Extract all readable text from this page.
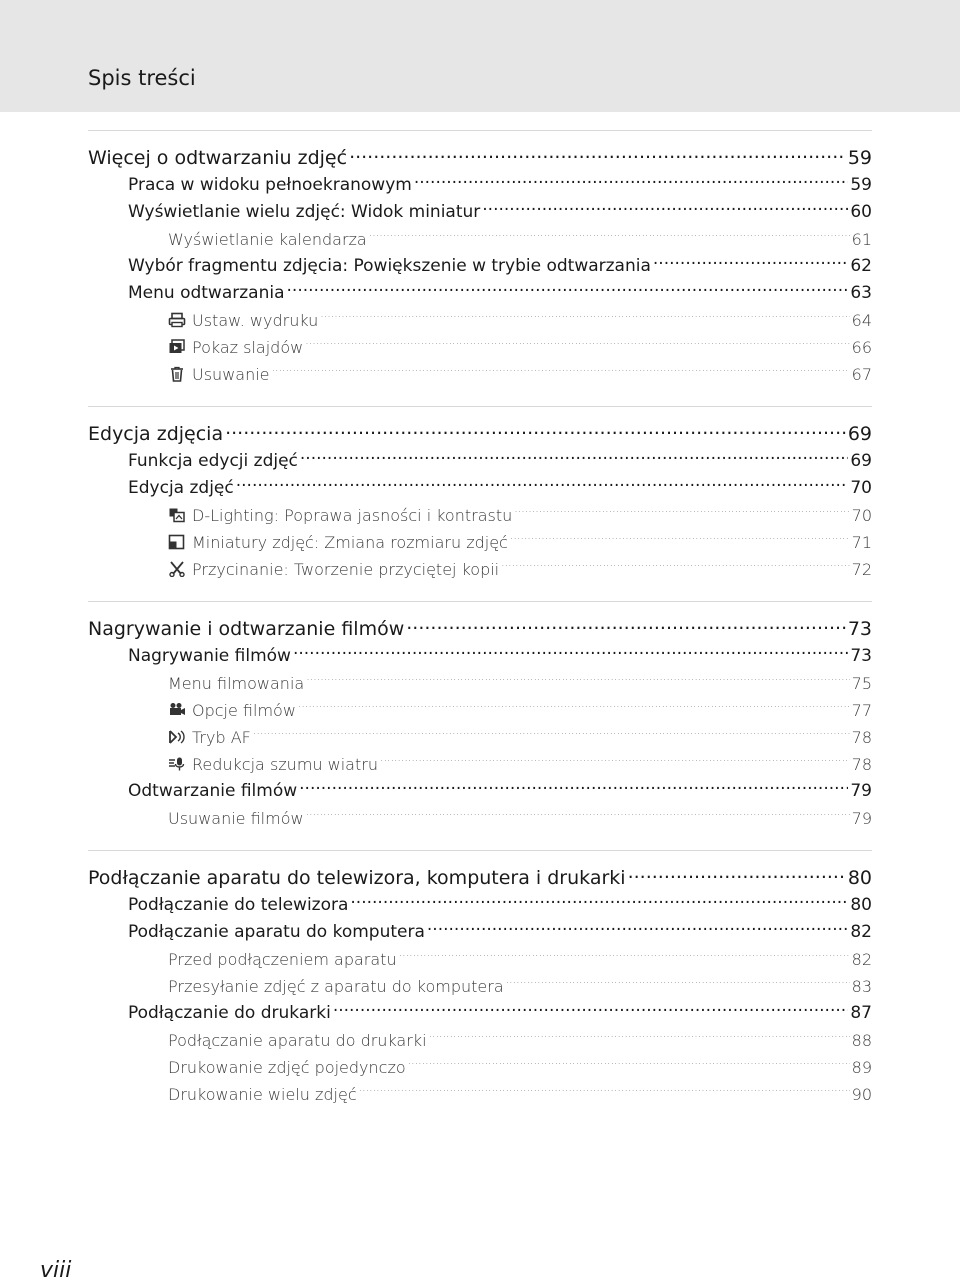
Spis treści
Więcej o odtwarzaniu zdjęć .....	59
Praca w widoku pełnoekranowym .....	59
Wyświetlanie wielu zdjęć: Widok miniatur .....	60
Wyświetlanie kalendarza .....	61
Wybór fragmentu zdjęcia: Powiększenie w trybie odtwarzania .....	62
Menu odtwarzania .....	63
Ustaw. wydruku .....	64
Pokaz slajdów .....	66
Usuwanie .....	67
Edycja zdjęcia .....	69
Funkcja edycji zdjęć .....	69
Edycja zdjęć .....	70
D-Lighting: Poprawa jasności i kontrastu .....	70
Miniatury zdjęć: Zmiana rozmiaru zdjęć .....	71
Przycinanie: Tworzenie przyciętej kopii .....	72
Nagrywanie i odtwarzanie filmów .....	73
Nagrywanie filmów .....	73
Menu filmowania .....	75
Opcje filmów .....	77
Tryb AF .....	78
Redukcja szumu wiatru .....	78
Odtwarzanie filmów .....	79
Usuwanie filmów .....	79
Podłączanie aparatu do telewizora, komputera i drukarki .....	80
Podłączanie do telewizora .....	80
Podłączanie aparatu do komputera .....	82
Przed podłączeniem aparatu .....	82
Przesyłanie zdjęć z aparatu do komputera .....	83
Podłączanie do drukarki .....	87
Podłączanie aparatu do drukarki .....	88
Drukowanie zdjęć pojedynczo .....	89
Drukowanie wielu zdjęć .....	90
viii
